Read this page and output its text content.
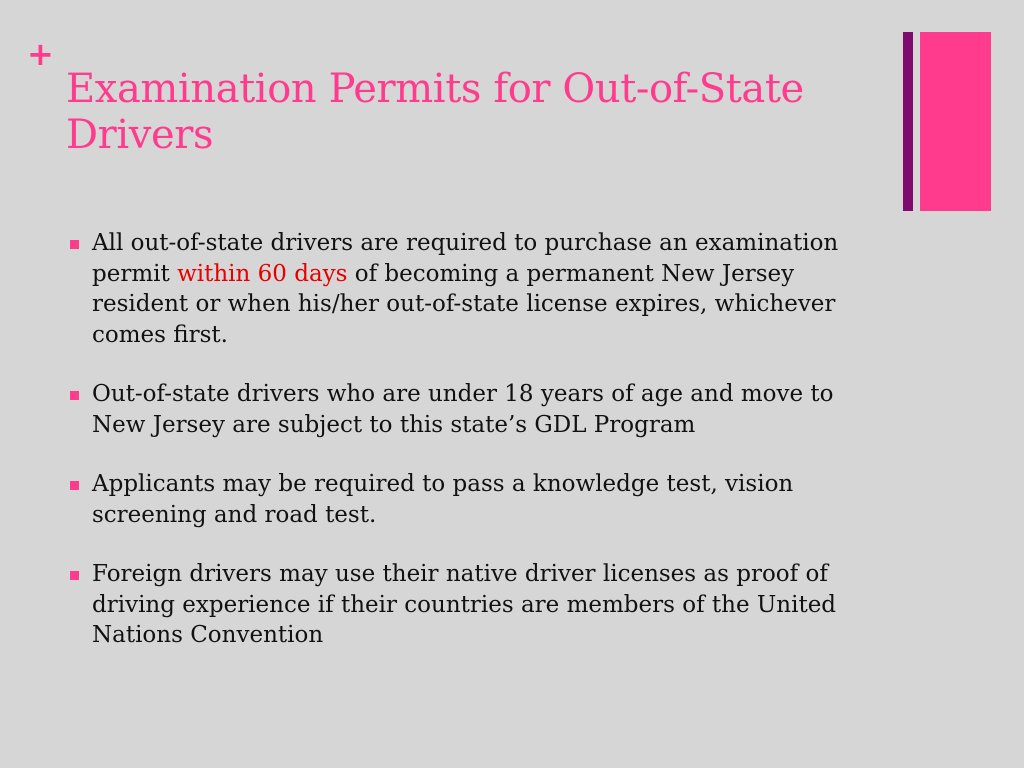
+
Examination Permits for Out-of-State Drivers
All out-of-state drivers are required to purchase an examination permit within 60 days of becoming a permanent New Jersey resident or when his/her out-of-state license expires, whichever comes first.
Out-of-state drivers who are under 18 years of age and move to New Jersey are subject to this state’s GDL Program
Applicants may be required to pass a knowledge test, vision screening and road test.
Foreign drivers may use their native driver licenses as proof of driving experience if their countries are members of the United Nations Convention
